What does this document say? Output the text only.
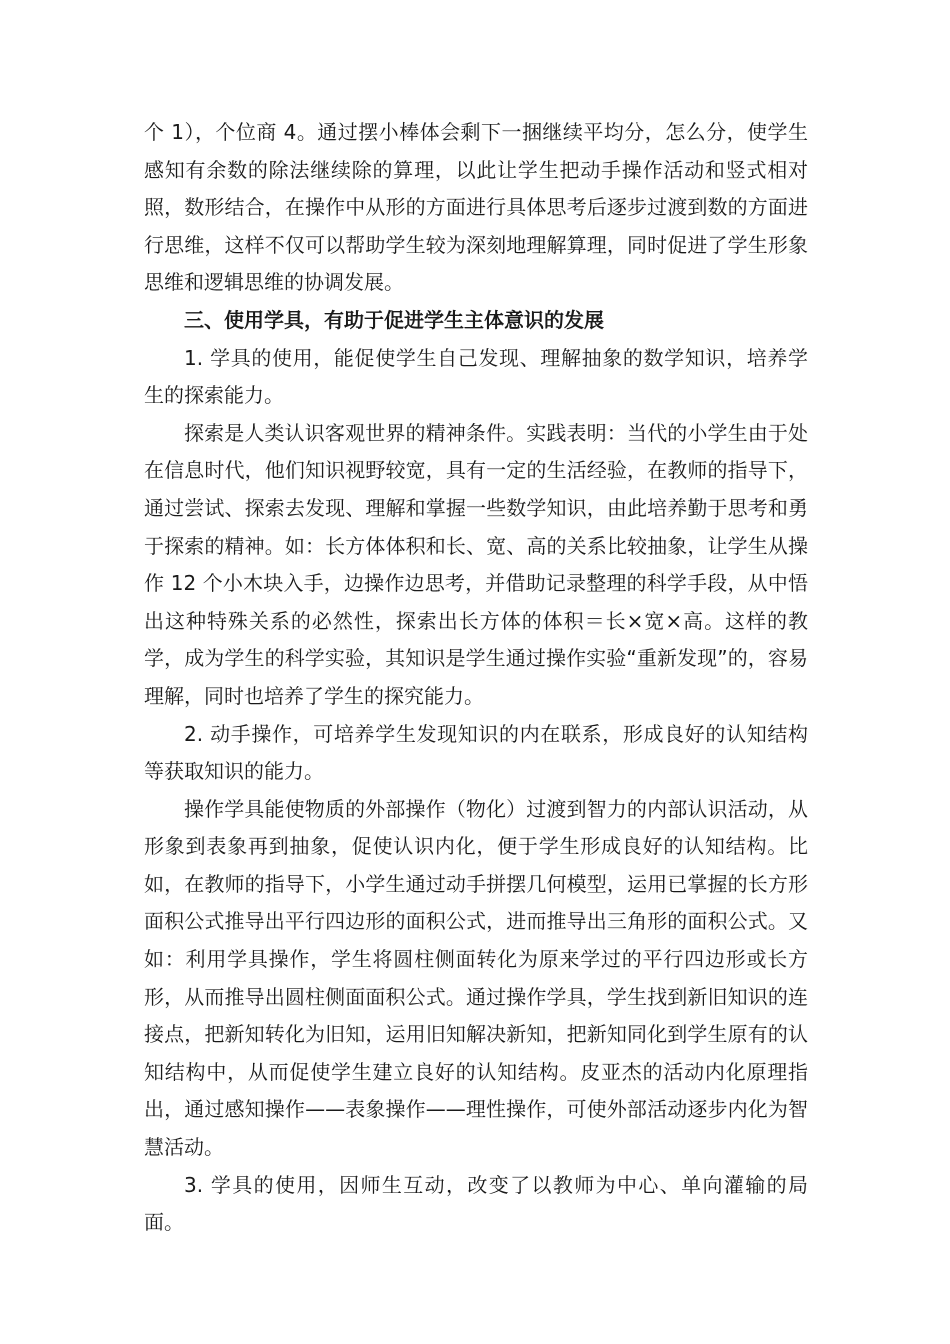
个 1），个位商 4。通过摆小棒体会剩下一捆继续平均分，怎么分，使学生感知有余数的除法继续除的算理，以此让学生把动手操作活动和竖式相对照，数形结合，在操作中从形的方面进行具体思考后逐步过渡到数的方面进行思维，这样不仅可以帮助学生较为深刻地理解算理，同时促进了学生形象思维和逻辑思维的协调发展。

三、使用学具，有助于促进学生主体意识的发展

1. 学具的使用，能促使学生自己发现、理解抽象的数学知识，培养学生的探索能力。

探索是人类认识客观世界的精神条件。实践表明：当代的小学生由于处在信息时代，他们知识视野较宽，具有一定的生活经验，在教师的指导下，通过尝试、探索去发现、理解和掌握一些数学知识，由此培养勤于思考和勇于探索的精神。如：长方体体积和长、宽、高的关系比较抽象，让学生从操作 12 个小木块入手，边操作边思考，并借助记录整理的科学手段，从中悟出这种特殊关系的必然性，探索出长方体的体积＝长×宽×高。这样的教学，成为学生的科学实验，其知识是学生通过操作实验“重新发现”的，容易理解，同时也培养了学生的探究能力。

2. 动手操作，可培养学生发现知识的内在联系，形成良好的认知结构等获取知识的能力。

操作学具能使物质的外部操作（物化）过渡到智力的内部认识活动，从形象到表象再到抽象，促使认识内化，便于学生形成良好的认知结构。比如，在教师的指导下，小学生通过动手拼摆几何模型，运用已掌握的长方形面积公式推导出平行四边形的面积公式，进而推导出三角形的面积公式。又如：利用学具操作，学生将圆柱侧面转化为原来学过的平行四边形或长方形，从而推导出圆柱侧面面积公式。通过操作学具，学生找到新旧知识的连接点，把新知转化为旧知，运用旧知解决新知，把新知同化到学生原有的认知结构中，从而促使学生建立良好的认知结构。皮亚杰的活动内化原理指出，通过感知操作——表象操作——理性操作，可使外部活动逐步内化为智慧活动。

3. 学具的使用，因师生互动，改变了以教师为中心、单向灌输的局面。
